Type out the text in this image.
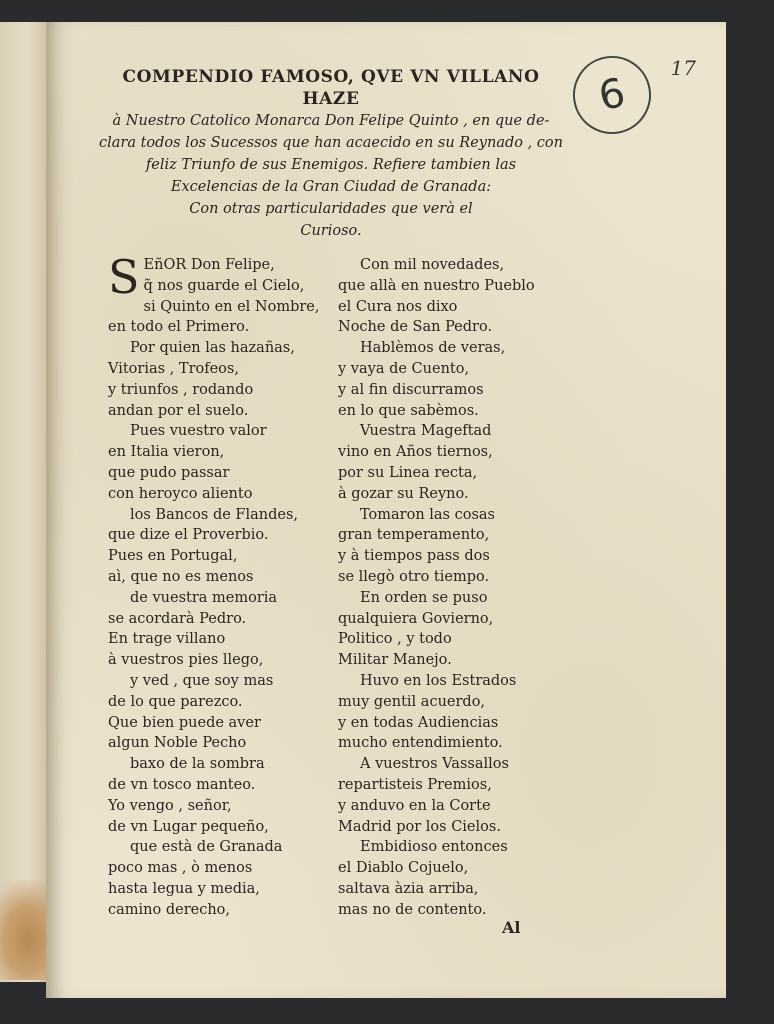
17
6
COMPENDIO FAMOSO, QVE VN VILLANO HAZE
à Nuestro Catolico Monarca Don Felipe Quinto , en que de-
clara todos los Sucessos que han acaecido en su Reynado , con
feliz Triunfo de sus Enemigos. Refiere tambien las
Excelencias de la Gran Ciudad de Granada:
Con otras particularidades que verà el
Curioso.
S EñOR Don Felipe,
q̃ nos guarde el Cielo,
si Quinto en el Nombre,
en todo el Primero.
Por quien las hazañas,
Vitorias , Trofeos,
y triunfos , rodando
andan por el suelo.
Pues vuestro valor
en Italia vieron,
que pudo passar
con heroyco aliento
los Bancos de Flandes,
que dize el Proverbio.
Pues en Portugal,
aì, que no es menos
de vuestra memoria
se acordarà Pedro.
En trage villano
à vuestros pies llego,
y ved , que soy mas
de lo que parezco.
Que bien puede aver
algun Noble Pecho
baxo de la sombra
de vn tosco manteo.
Yo vengo , señor,
de vn Lugar pequeño,
que està de Granada
poco mas , ò menos
hasta legua y media,
camino derecho,
Con mil novedades,
que allà en nuestro Pueblo
el Cura nos dixo
Noche de San Pedro.
Hablèmos de veras,
y vaya de Cuento,
y al fin discurramos
en lo que sabèmos.
Vuestra Mageftad
vino en Años tiernos,
por su Linea recta,
à gozar su Reyno.
Tomaron las cosas
gran temperamento,
y à tiempos pass dos
se llegò otro tiempo.
En orden se puso
qualquiera Govierno,
Politico , y todo
Militar Manejo.
Huvo en los Estrados
muy gentil acuerdo,
y en todas Audiencias
mucho entendimiento.
A vuestros Vassallos
repartisteis Premios,
y anduvo en la Corte
Madrid por los Cielos.
Embidioso entonces
el Diablo Cojuelo,
saltava àzia arriba,
mas no de contento.
Al
